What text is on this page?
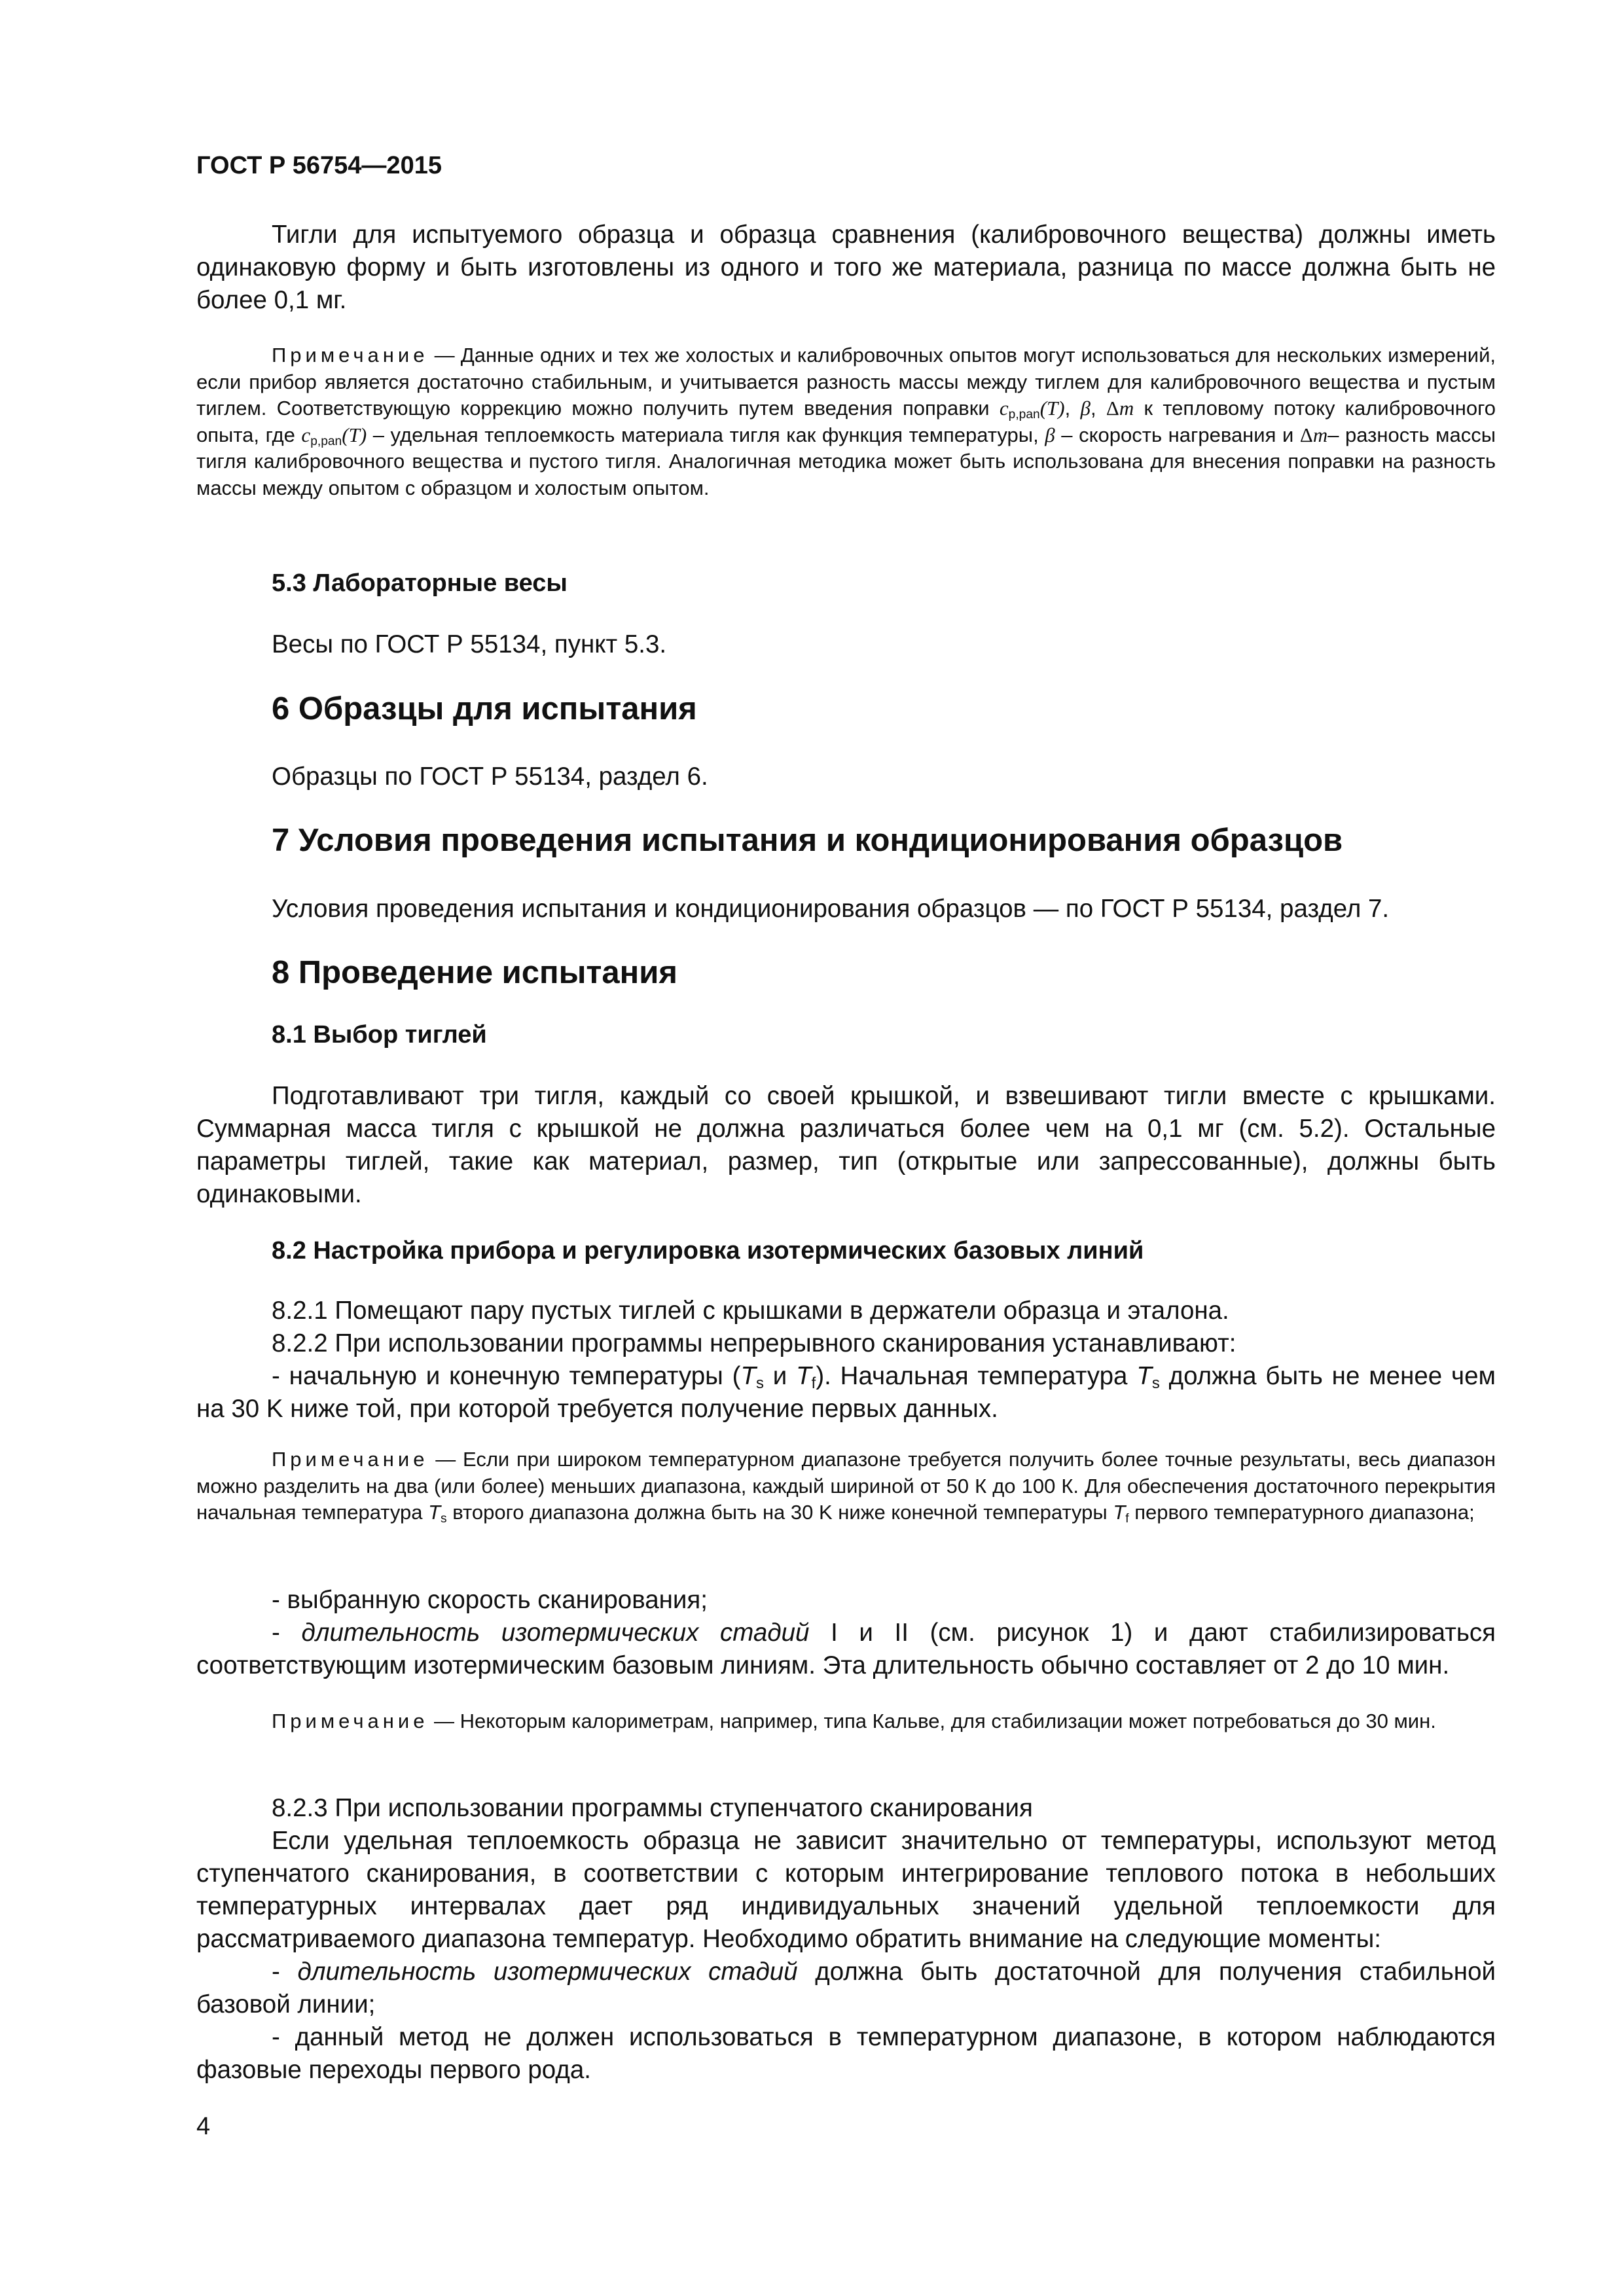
ГОСТ Р 56754—2015

Тигли для испытуемого образца и образца сравнения (калибровочного вещества) должны иметь одинаковую форму и быть изготовлены из одного и того же материала, разница по массе должна быть не более 0,1 мг.

Примечание — Данные одних и тех же холостых и калибровочных опытов могут использоваться для нескольких измерений, если прибор является достаточно стабильным, и учитывается разность массы между тиглем для калибровочного вещества и пустым тиглем. Соответствующую коррекцию можно получить путем введения поправки $c_{p,pan}(T)$, β, Δm к тепловому потоку калибровочного опыта, где $c_{p,pan}(T)$ – удельная теплоемкость материала тигля как функция температуры, β – скорость нагревания и Δm– разность массы тигля калибровочного вещества и пустого тигля. Аналогичная методика может быть использована для внесения поправки на разность массы между опытом с образцом и холостым опытом.

5.3 Лабораторные весы

Весы по ГОСТ Р 55134, пункт 5.3.

6 Образцы для испытания

Образцы по ГОСТ Р 55134, раздел 6.

7 Условия проведения испытания и кондиционирования образцов

Условия проведения испытания и кондиционирования образцов — по ГОСТ Р 55134, раздел 7.

8 Проведение испытания
8.1 Выбор тиглей

Подготавливают три тигля, каждый со своей крышкой, и взвешивают тигли вместе с крышками. Суммарная масса тигля с крышкой не должна различаться более чем на 0,1 мг (см. 5.2). Остальные параметры тиглей, такие как материал, размер, тип (открытые или запрессованные), должны быть одинаковыми.

8.2 Настройка прибора и регулировка изотермических базовых линий
8.2.1 Помещают пару пустых тиглей с крышками в держатели образца и эталона.
8.2.2 При использовании программы непрерывного сканирования устанавливают:
- начальную и конечную температуры ($T_s$ и $T_f$). Начальная температура $T_s$ должна быть не менее чем на 30 K ниже той, при которой требуется получение первых данных.

Примечание — Если при широком температурном диапазоне требуется получить более точные результаты, весь диапазон можно разделить на два (или более) меньших диапазона, каждый шириной от 50 К до 100 К. Для обеспечения достаточного перекрытия начальная температура $T_s$ второго диапазона должна быть на 30 K ниже конечной температуры $T_f$ первого температурного диапазона;

- выбранную скорость сканирования;
- длительность изотермических стадий I и II (см. рисунок 1) и дают стабилизироваться соответствующим изотермическим базовым линиям. Эта длительность обычно составляет от 2 до 10 мин.

Примечание — Некоторым калориметрам, например, типа Кальве, для стабилизации может потребоваться до 30 мин.

8.2.3 При использовании программы ступенчатого сканирования
Если удельная теплоемкость образца не зависит значительно от температуры, используют метод ступенчатого сканирования, в соответствии с которым интегрирование теплового потока в небольших температурных интервалах дает ряд индивидуальных значений удельной теплоемкости для рассматриваемого диапазона температур. Необходимо обратить внимание на следующие моменты:
- длительность изотермических стадий должна быть достаточной для получения стабильной базовой линии;
- данный метод не должен использоваться в температурном диапазоне, в котором наблюдаются фазовые переходы первого рода.
4
